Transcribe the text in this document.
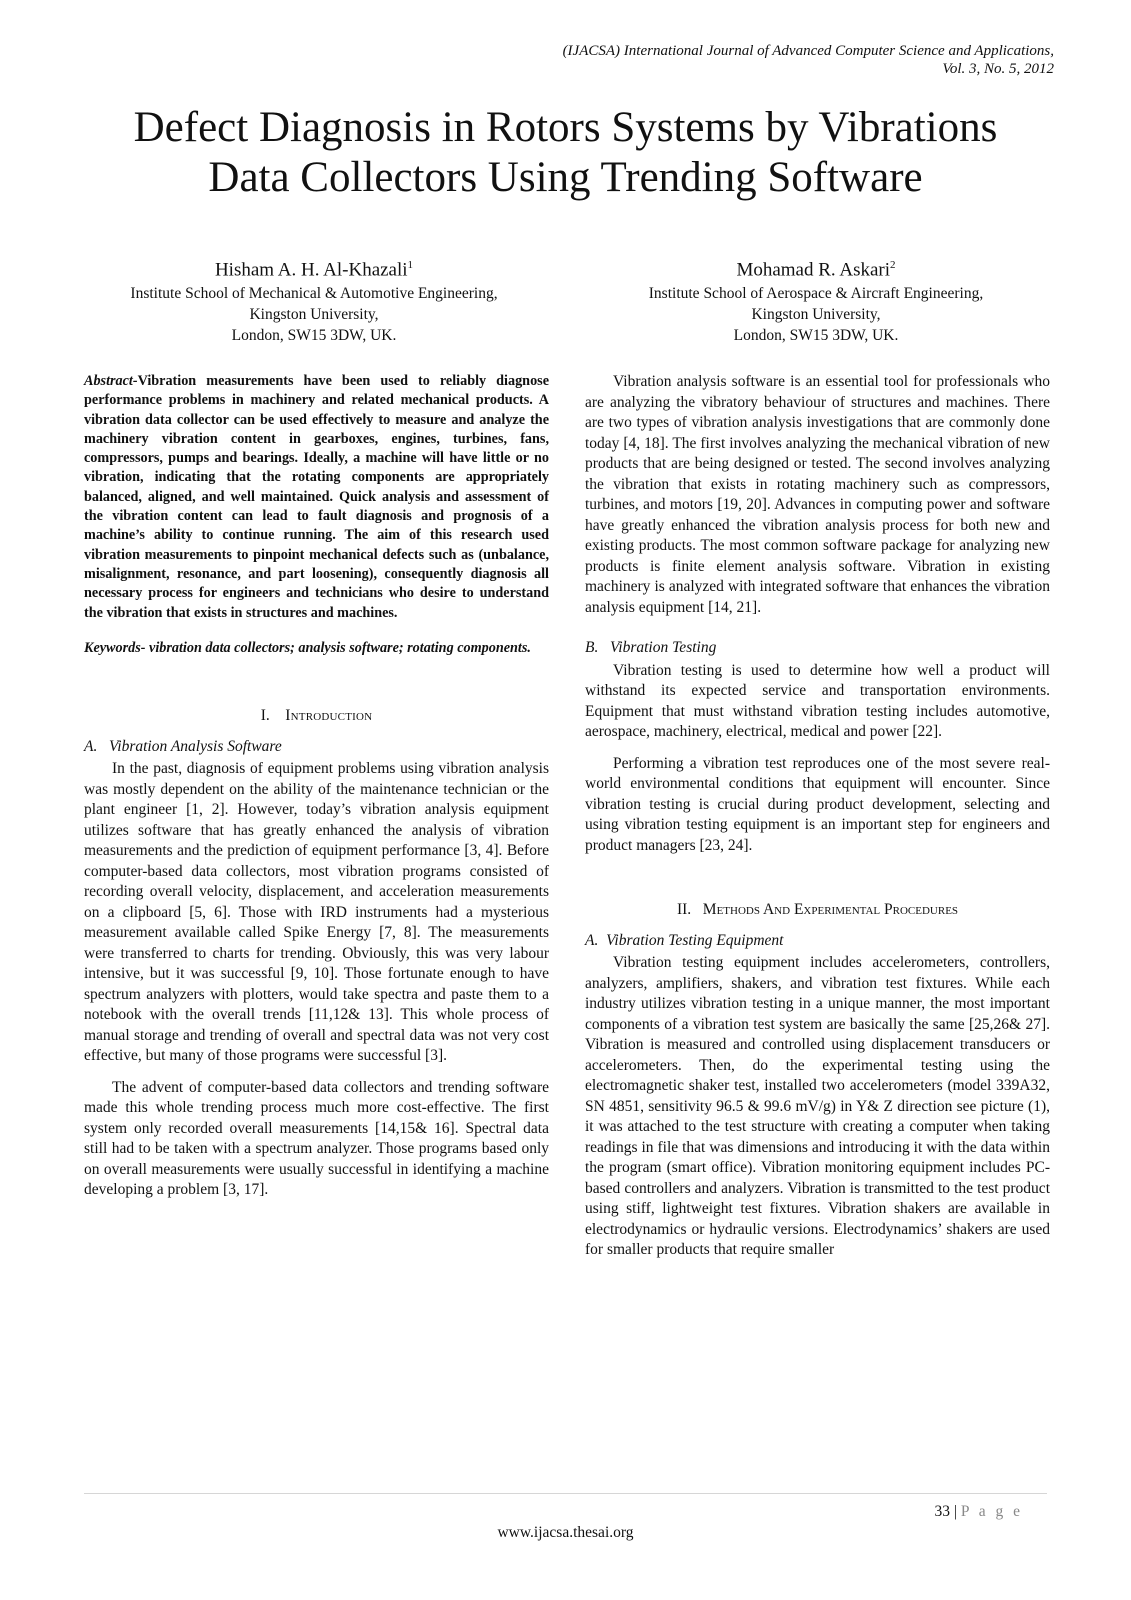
(IJACSA) International Journal of Advanced Computer Science and Applications,
Vol. 3, No. 5, 2012
Defect Diagnosis in Rotors Systems by Vibrations
Data Collectors Using Trending Software
Hisham A. H. Al-Khazali$^1$
Institute School of Mechanical & Automotive Engineering,
Kingston University,
London, SW15 3DW, UK.
Mohamad R. Askari$^2$
Institute School of Aerospace & Aircraft Engineering,
Kingston University,
London, SW15 3DW, UK.

Abstract-Vibration measurements have been used to reliably diagnose performance problems in machinery and related mechanical products. A vibration data collector can be used effectively to measure and analyze the machinery vibration content in gearboxes, engines, turbines, fans, compressors, pumps and bearings. Ideally, a machine will have little or no vibration, indicating that the rotating components are appropriately balanced, aligned, and well maintained. Quick analysis and assessment of the vibration content can lead to fault diagnosis and prognosis of a machine’s ability to continue running. The aim of this research used vibration measurements to pinpoint mechanical defects such as (unbalance, misalignment, resonance, and part loosening), consequently diagnosis all necessary process for engineers and technicians who desire to understand the vibration that exists in structures and machines.

Keywords- vibration data collectors; analysis software; rotating components.

I. Introduction

A.   Vibration Analysis Software

In the past, diagnosis of equipment problems using vibration analysis was mostly dependent on the ability of the maintenance technician or the plant engineer [1, 2]. However, today’s vibration analysis equipment utilizes software that has greatly enhanced the analysis of vibration measurements and the prediction of equipment performance [3, 4]. Before computer-based data collectors, most vibration programs consisted of recording overall velocity, displacement, and acceleration measurements on a clipboard [5, 6]. Those with IRD instruments had a mysterious measurement available called Spike Energy [7, 8]. The measurements were transferred to charts for trending. Obviously, this was very labour intensive, but it was successful [9, 10]. Those fortunate enough to have spectrum analyzers with plotters, would take spectra and paste them to a notebook with the overall trends [11,12& 13]. This whole process of manual storage and trending of overall and spectral data was not very cost effective, but many of those programs were successful [3].

The advent of computer-based data collectors and trending software made this whole trending process much more cost-effective. The first system only recorded overall measurements [14,15& 16]. Spectral data still had to be taken with a spectrum analyzer. Those programs based only on overall measurements were usually successful in identifying a machine developing a problem [3, 17].

Vibration analysis software is an essential tool for professionals who are analyzing the vibratory behaviour of structures and machines. There are two types of vibration analysis investigations that are commonly done today [4, 18]. The first involves analyzing the mechanical vibration of new products that are being designed or tested. The second involves analyzing the vibration that exists in rotating machinery such as compressors, turbines, and motors [19, 20]. Advances in computing power and software have greatly enhanced the vibration analysis process for both new and existing products. The most common software package for analyzing new products is finite element analysis software. Vibration in existing machinery is analyzed with integrated software that enhances the vibration analysis equipment [14, 21].

B.   Vibration Testing

Vibration testing is used to determine how well a product will withstand its expected service and transportation environments. Equipment that must withstand vibration testing includes automotive, aerospace, machinery, electrical, medical and power [22].

Performing a vibration test reproduces one of the most severe real-world environmental conditions that equipment will encounter. Since vibration testing is crucial during product development, selecting and using vibration testing equipment is an important step for engineers and product managers [23, 24].

II. Methods And Experimental Procedures

A.  Vibration Testing Equipment

Vibration testing equipment includes accelerometers, controllers, analyzers, amplifiers, shakers, and vibration test fixtures. While each industry utilizes vibration testing in a unique manner, the most important components of a vibration test system are basically the same [25,26& 27]. Vibration is measured and controlled using displacement transducers or accelerometers. Then, do the experimental testing using the electromagnetic shaker test, installed two accelerometers (model 339A32, SN 4851, sensitivity 96.5 & 99.6 mV/g) in Y& Z direction see picture (1), it was attached to the test structure with creating a computer when taking readings in file that was dimensions and introducing it with the data within the program (smart office). Vibration monitoring equipment includes PC-based controllers and analyzers. Vibration is transmitted to the test product using stiff, lightweight test fixtures. Vibration shakers are available in electrodynamics or hydraulic versions. Electrodynamics’ shakers are used for smaller products that require smaller

33 | P a g e
www.ijacsa.thesai.org
